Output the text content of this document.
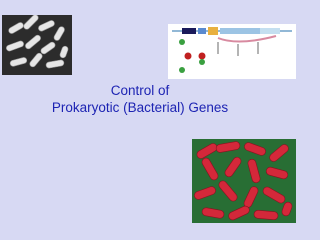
Control of
Prokaryotic (Bacterial) Genes
